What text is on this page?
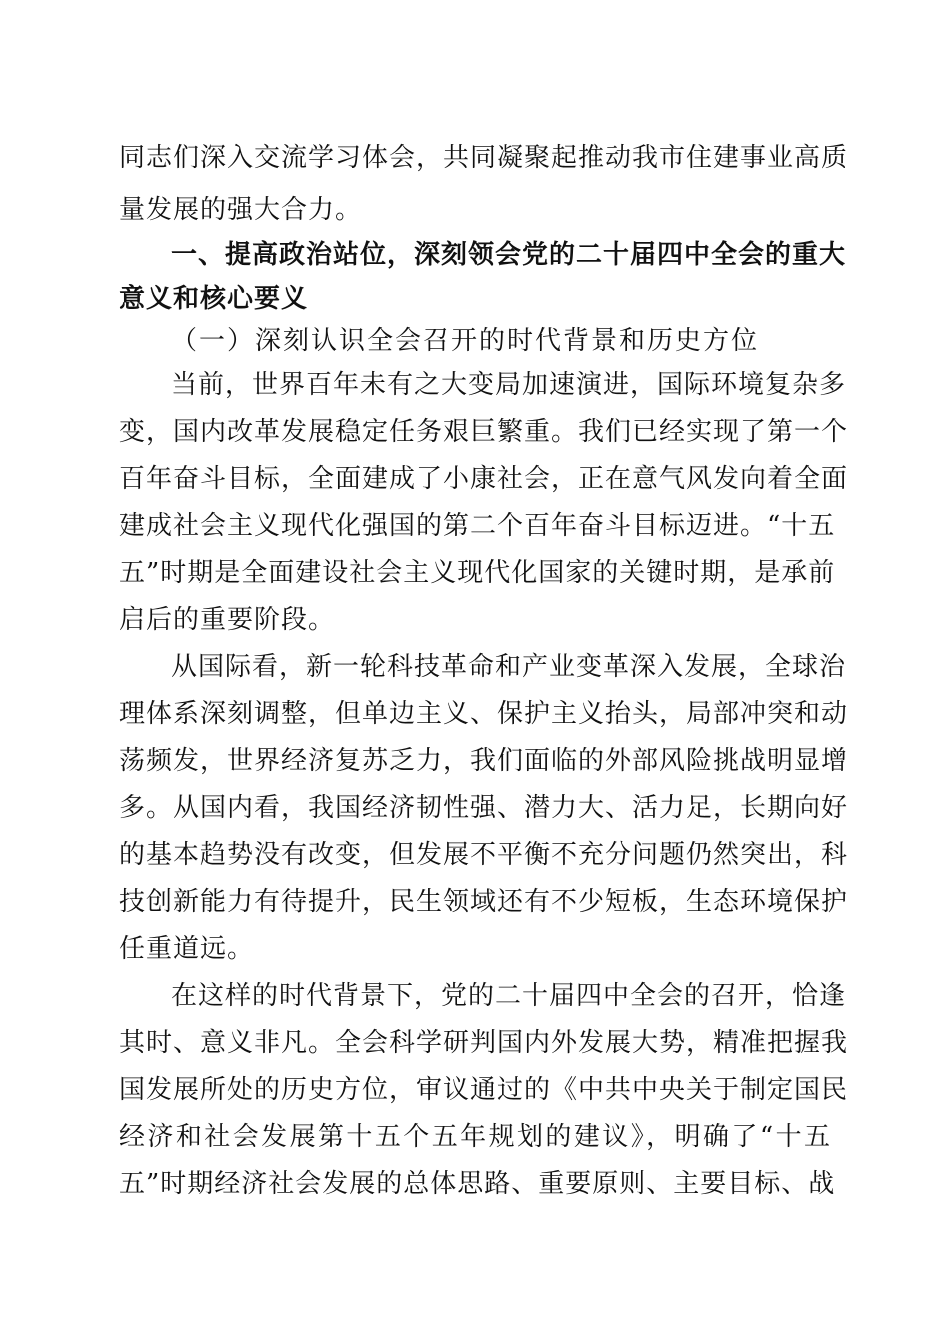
同志们深入交流学习体会，共同凝聚起推动我市住建事业高质

量发展的强大合力。

一、提高政治站位，深刻领会党的二十届四中全会的重大

意义和核心要义

（一）深刻认识全会召开的时代背景和历史方位

当前，世界百年未有之大变局加速演进，国际环境复杂多

变，国内改革发展稳定任务艰巨繁重。我们已经实现了第一个

百年奋斗目标，全面建成了小康社会，正在意气风发向着全面

建成社会主义现代化强国的第二个百年奋斗目标迈进。“十五

五”时期是全面建设社会主义现代化国家的关键时期，是承前

启后的重要阶段。

从国际看，新一轮科技革命和产业变革深入发展，全球治

理体系深刻调整，但单边主义、保护主义抬头，局部冲突和动

荡频发，世界经济复苏乏力，我们面临的外部风险挑战明显增

多。从国内看，我国经济韧性强、潜力大、活力足，长期向好

的基本趋势没有改变，但发展不平衡不充分问题仍然突出，科

技创新能力有待提升，民生领域还有不少短板，生态环境保护

任重道远。

在这样的时代背景下，党的二十届四中全会的召开，恰逢

其时、意义非凡。全会科学研判国内外发展大势，精准把握我

国发展所处的历史方位，审议通过的《中共中央关于制定国民

经济和社会发展第十五个五年规划的建议》，明确了“十五

五”时期经济社会发展的总体思路、重要原则、主要目标、战
